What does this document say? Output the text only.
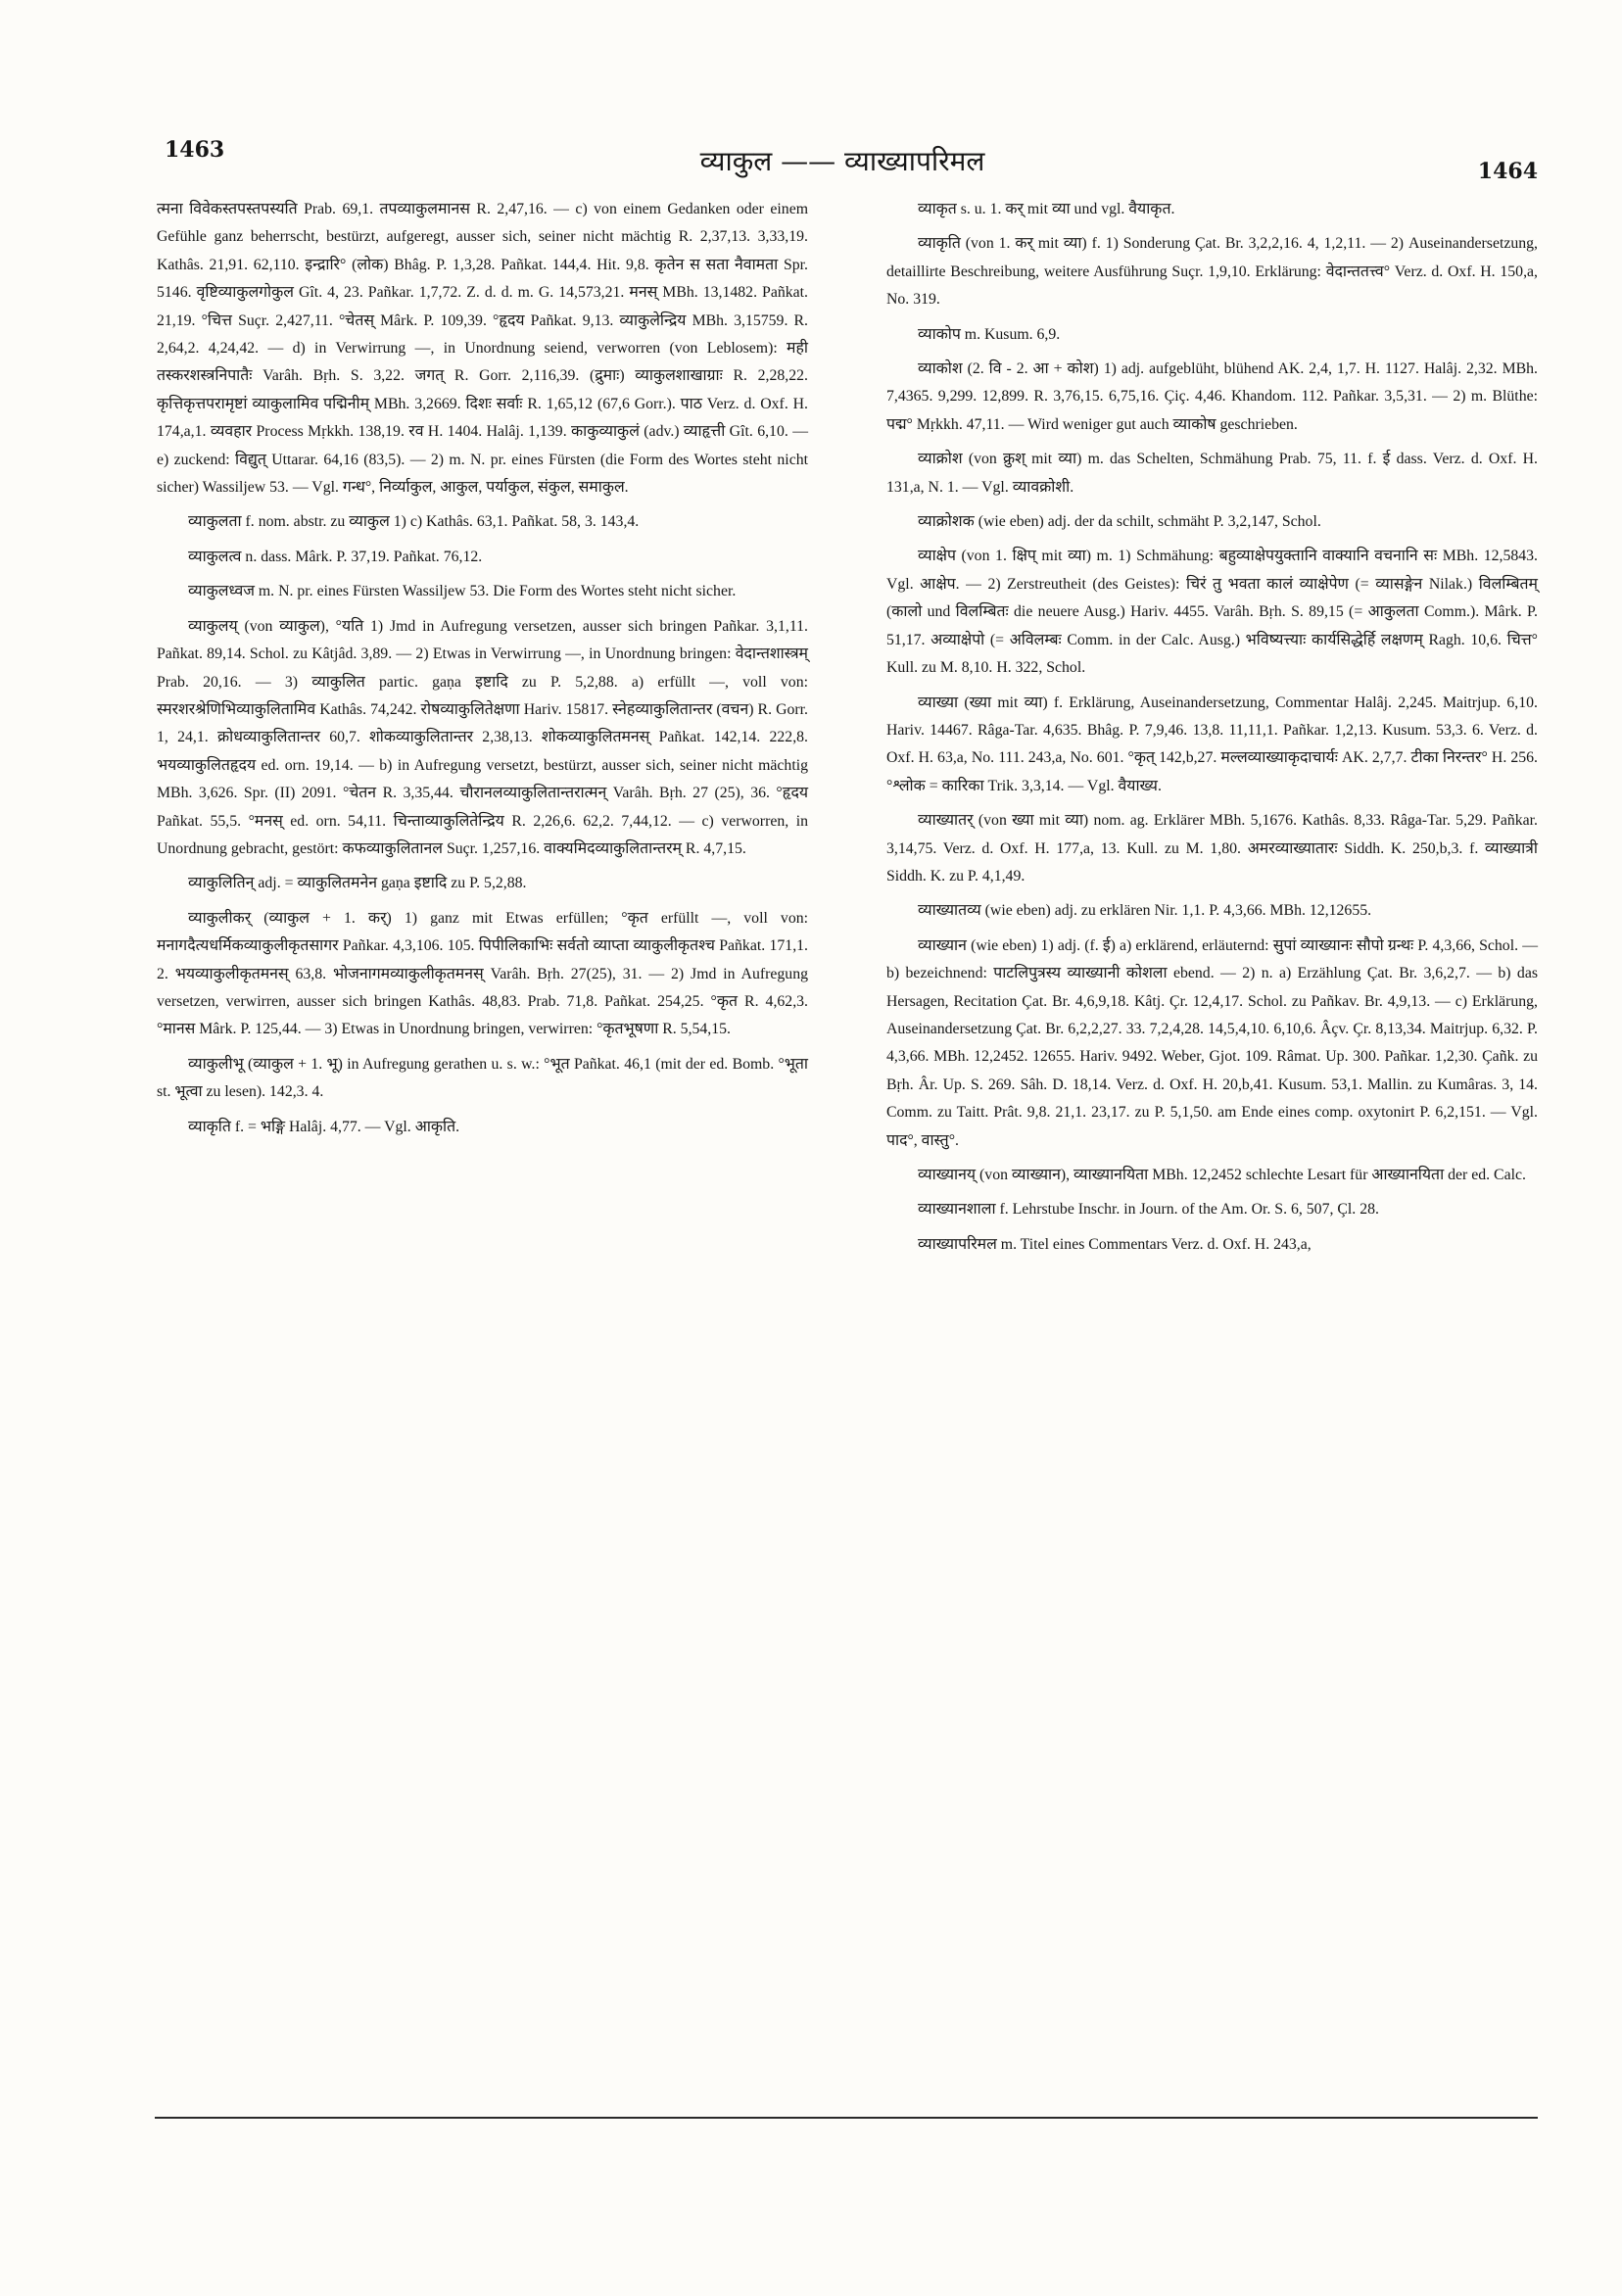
1463	व्याकुल —— व्याख्यापरिमल	1464

त्मना विवेकस्तपस्तपस्यति Prab. 69,1. तपव्याकुलमानस R. 2,47,16. — c) von einem Gedanken oder einem Gefühle ganz beherrscht, bestürzt, aufgeregt, ausser sich, seiner nicht mächtig R. 2,37,13. 3,33,19. Kathâs. 21,91. 62,110. इन्द्रारि° (लोक) Bhâg. P. 1,3,28. Pañkat. 144,4. Hit. 9,8. कृतेन स सता नैवामता Spr. 5146. वृष्टिव्याकुलगोकुल Gît. 4, 23. Pañkar. 1,7,72. Z. d. d. m. G. 14,573,21. मनस् MBh. 13,1482. Pañkat. 21,19. °चित्त Suçr. 2,427,11. °चेतस् Mârk. P. 109,39. °हृदय Pañkat. 9,13. व्याकुलेन्द्रिय MBh. 3,15759. R. 2,64,2. 4,24,42. — d) in Verwirrung —, in Unordnung seiend, verworren (von Leblosem): मही तस्करशस्त्रनिपातैः Varâh. Bṛh. S. 3,22. जगत् R. Gorr. 2,116,39. (द्रुमाः) व्याकुलशाखाग्राः R. 2,28,22. कृत्तिकृत्तपरामृष्टां व्याकुलामिव पद्मिनीम् MBh. 3,2669. दिशः सर्वाः R. 1,65,12 (67,6 Gorr.). पाठ Verz. d. Oxf. H. 174,a,1. व्यवहार Process Mṛkkh. 138,19. रव H. 1404. Halâj. 1,139. काकुव्याकुलं (adv.) व्याहृत्ती Gît. 6,10. — e) zuckend: विद्युत् Uttarar. 64,16 (83,5). — 2) m. N. pr. eines Fürsten (die Form des Wortes steht nicht sicher) Wassiljew 53. — Vgl. गन्ध°, निर्व्याकुल, आकुल, पर्याकुल, संकुल, समाकुल.

व्याकुलता f. nom. abstr. zu व्याकुल 1) c) Kathâs. 63,1. Pañkat. 58, 3. 143,4.

व्याकुलत्व n. dass. Mârk. P. 37,19. Pañkat. 76,12.

व्याकुलध्वज m. N. pr. eines Fürsten Wassiljew 53. Die Form des Wortes steht nicht sicher.

व्याकुलय् (von व्याकुल), °यति 1) Jmd in Aufregung versetzen, ausser sich bringen Pañkar. 3,1,11. Pañkat. 89,14. Schol. zu Kâtjâd. 3,89. — 2) Etwas in Verwirrung —, in Unordnung bringen: वेदान्तशास्त्रम् Prab. 20,16. — 3) व्याकुलित partic. gaṇa इष्टादि zu P. 5,2,88. a) erfüllt —, voll von: स्मरशरश्रेणिभिव्याकुलितामिव Kathâs. 74,242. रोषव्याकुलितेक्षणा Hariv. 15817. स्नेहव्याकुलितान्तर (वचन) R. Gorr. 1, 24,1. क्रोधव्याकुलितान्तर 60,7. शोकव्याकुलितान्तर 2,38,13. शोकव्याकुलितमनस् Pañkat. 142,14. 222,8. भयव्याकुलितहृदय ed. orn. 19,14. — b) in Aufregung versetzt, bestürzt, ausser sich, seiner nicht mächtig MBh. 3,626. Spr. (II) 2091. °चेतन R. 3,35,44. चौरानलव्याकुलितान्तरात्मन् Varâh. Bṛh. 27 (25), 36. °हृदय Pañkat. 55,5. °मनस् ed. orn. 54,11. चिन्ताव्याकुलितेन्द्रिय R. 2,26,6. 62,2. 7,44,12. — c) verworren, in Unordnung gebracht, gestört: कफव्याकुलितानल Suçr. 1,257,16. वाक्यमिदव्याकुलितान्तरम् R. 4,7,15.

व्याकुलितिन् adj. = व्याकुलितमनेन gaṇa इष्टादि zu P. 5,2,88.

व्याकुलीकर् (व्याकुल + 1. कर्) 1) ganz mit Etwas erfüllen; °कृत erfüllt —, voll von: मनागदैत्यधर्मिकव्याकुलीकृतसागर Pañkar. 4,3,106. 105. पिपीलिकाभिः सर्वतो व्याप्ता व्याकुलीकृतश्च Pañkat. 171,1. 2. भयव्याकुलीकृतमनस् 63,8. भोजनागमव्याकुलीकृतमनस् Varâh. Bṛh. 27(25), 31. — 2) Jmd in Aufregung versetzen, verwirren, ausser sich bringen Kathâs. 48,83. Prab. 71,8. Pañkat. 254,25. °कृत R. 4,62,3. °मानस Mârk. P. 125,44. — 3) Etwas in Unordnung bringen, verwirren: °कृतभूषणा R. 5,54,15.

व्याकुलीभू (व्याकुल + 1. भू) in Aufregung gerathen u. s. w.: °भूत Pañkat. 46,1 (mit der ed. Bomb. °भूता st. भूत्वा zu lesen). 142,3. 4.

व्याकृति f. = भङ्गि Halâj. 4,77. — Vgl. आकृति.

व्याकृत s. u. 1. कर् mit व्या und vgl. वैयाकृत.

व्याकृति (von 1. कर् mit व्या) f. 1) Sonderung Çat. Br. 3,2,2,16. 4, 1,2,11. — 2) Auseinandersetzung, detaillirte Beschreibung, weitere Ausführung Suçr. 1,9,10. Erklärung: वेदान्ततत्त्व° Verz. d. Oxf. H. 150,a, No. 319.

व्याकोप m. Kusum. 6,9.

व्याकोश (2. वि - 2. आ + कोश) 1) adj. aufgeblüht, blühend AK. 2,4, 1,7. H. 1127. Halâj. 2,32. MBh. 7,4365. 9,299. 12,899. R. 3,76,15. 6,75,16. Çiç. 4,46. Khandom. 112. Pañkar. 3,5,31. — 2) m. Blüthe: पद्म° Mṛkkh. 47,11. — Wird weniger gut auch व्याकोष geschrieben.

व्याक्रोश (von क्रुश् mit व्या) m. das Schelten, Schmähung Prab. 75, 11. f. ई dass. Verz. d. Oxf. H. 131,a, N. 1. — Vgl. व्यावक्रोशी.

व्याक्रोशक (wie eben) adj. der da schilt, schmäht P. 3,2,147, Schol.

व्याक्षेप (von 1. क्षिप् mit व्या) m. 1) Schmähung: बहुव्याक्षेपयुक्तानि वाक्यानि वचनानि सः MBh. 12,5843. Vgl. आक्षेप. — 2) Zerstreutheit (des Geistes): चिरं तु भवता कालं व्याक्षेपेण (= व्यासङ्गेन Nilak.) विलम्बितम् (कालो und विलम्बितः die neuere Ausg.) Hariv. 4455. Varâh. Bṛh. S. 89,15 (= आकुलता Comm.). Mârk. P. 51,17. अव्याक्षेपो (= अविलम्बः Comm. in der Calc. Ausg.) भविष्यत्त्याः कार्यसिद्धेर्हि लक्षणम् Ragh. 10,6. चित्त° Kull. zu M. 8,10. H. 322, Schol.

व्याख्या (ख्या mit व्या) f. Erklärung, Auseinandersetzung, Commentar Halâj. 2,245. Maitrjup. 6,10. Hariv. 14467. Râga-Tar. 4,635. Bhâg. P. 7,9,46. 13,8. 11,11,1. Pañkar. 1,2,13. Kusum. 53,3. 6. Verz. d. Oxf. H. 63,a, No. 111. 243,a, No. 601. °कृत् 142,b,27. मल्लव्याख्याकृदाचार्यः AK. 2,7,7. टीका निरन्तर° H. 256. °श्लोक = कारिका Trik. 3,3,14. — Vgl. वैयाख्य.

व्याख्यातर् (von ख्या mit व्या) nom. ag. Erklärer MBh. 5,1676. Kathâs. 8,33. Râga-Tar. 5,29. Pañkar. 3,14,75. Verz. d. Oxf. H. 177,a, 13. Kull. zu M. 1,80. अमरव्याख्यातारः Siddh. K. 250,b,3. f. व्याख्यात्री Siddh. K. zu P. 4,1,49.

व्याख्यातव्य (wie eben) adj. zu erklären Nir. 1,1. P. 4,3,66. MBh. 12,12655.

व्याख्यान (wie eben) 1) adj. (f. ई) a) erklärend, erläuternd: सुपां व्याख्यानः सौपो ग्रन्थः P. 4,3,66, Schol. — b) bezeichnend: पाटलिपुत्रस्य व्याख्यानी कोशला ebend. — 2) n. a) Erzählung Çat. Br. 3,6,2,7. — b) das Hersagen, Recitation Çat. Br. 4,6,9,18. Kâtj. Çr. 12,4,17. Schol. zu Pañkav. Br. 4,9,13. — c) Erklärung, Auseinandersetzung Çat. Br. 6,2,2,27. 33. 7,2,4,28. 14,5,4,10. 6,10,6. Âçv. Çr. 8,13,34. Maitrjup. 6,32. P. 4,3,66. MBh. 12,2452. 12655. Hariv. 9492. Weber, Gjot. 109. Râmat. Up. 300. Pañkar. 1,2,30. Çañk. zu Bṛh. Âr. Up. S. 269. Sâh. D. 18,14. Verz. d. Oxf. H. 20,b,41. Kusum. 53,1. Mallin. zu Kumâras. 3, 14. Comm. zu Taitt. Prât. 9,8. 21,1. 23,17. zu P. 5,1,50. am Ende eines comp. oxytonirt P. 6,2,151. — Vgl. पाद°, वास्तु°.

व्याख्यानय् (von व्याख्यान), व्याख्यानयिता MBh. 12,2452 schlechte Lesart für आख्यानयिता der ed. Calc.

व्याख्यानशाला f. Lehrstube Inschr. in Journ. of the Am. Or. S. 6, 507, Çl. 28.

व्याख्यापरिमल m. Titel eines Commentars Verz. d. Oxf. H. 243,a,
